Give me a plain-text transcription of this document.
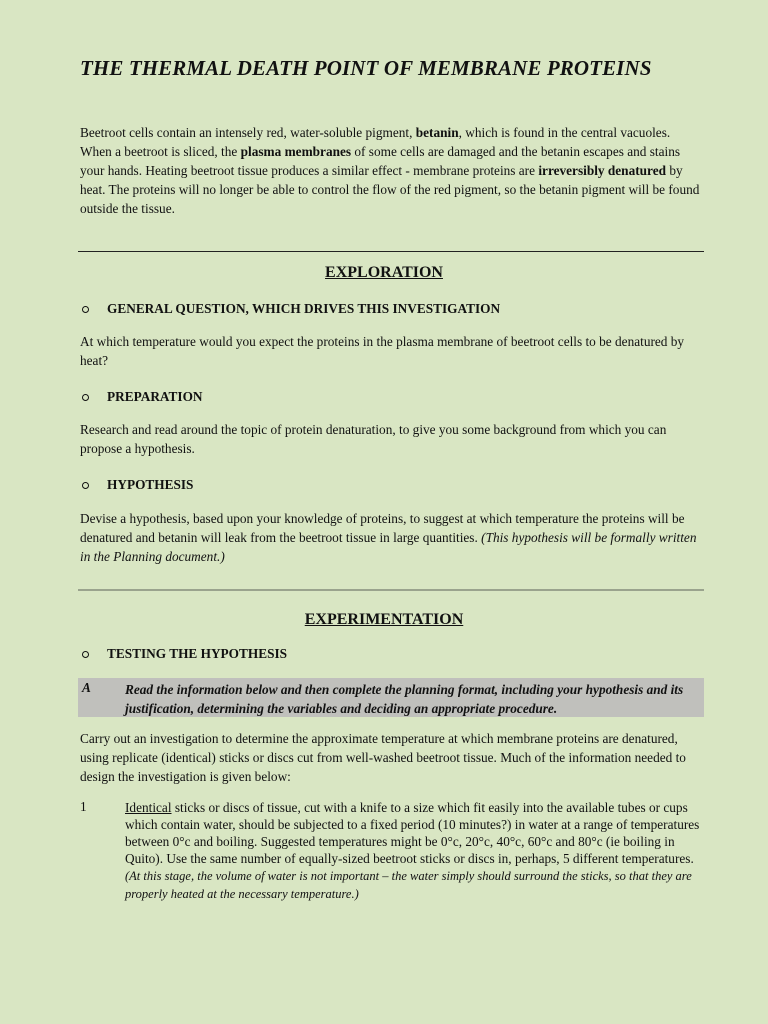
THE THERMAL DEATH POINT OF MEMBRANE PROTEINS

Beetroot cells contain an intensely red, water-soluble pigment, betanin, which is found in the central vacuoles. When a beetroot is sliced, the plasma membranes of some cells are damaged and the betanin escapes and stains your hands. Heating beetroot tissue produces a similar effect - membrane proteins are irreversibly denatured by heat. The proteins will no longer be able to control the flow of the red pigment, so the betanin pigment will be found outside the tissue.

EXPLORATION
GENERAL QUESTION, WHICH DRIVES THIS INVESTIGATION

At which temperature would you expect the proteins in the plasma membrane of beetroot cells to be denatured by heat?

PREPARATION

Research and read around the topic of protein denaturation, to give you some background from which you can propose a hypothesis.

HYPOTHESIS

Devise a hypothesis, based upon your knowledge of proteins, to suggest at which temperature the proteins will be denatured and betanin will leak from the beetroot tissue in large quantities. (This hypothesis will be formally written in the Planning document.)

EXPERIMENTATION
TESTING THE HYPOTHESIS
A	Read the information below and then complete the planning format, including your hypothesis and its justification, determining the variables and deciding an appropriate procedure.

Carry out an investigation to determine the approximate temperature at which membrane proteins are denatured, using replicate (identical) sticks or discs cut from well-washed beetroot tissue. Much of the information needed to design the investigation is given below:

1	Identical sticks or discs of tissue, cut with a knife to a size which fit easily into the available tubes or cups which contain water, should be subjected to a fixed period (10 minutes?) in water at a range of temperatures between 0°c and boiling. Suggested temperatures might be 0°c, 20°c, 40°c, 60°c and 80°c (ie boiling in Quito). Use the same number of equally-sized beetroot sticks or discs in, perhaps, 5 different temperatures. (At this stage, the volume of water is not important – the water simply should surround the sticks, so that they are properly heated at the necessary temperature.)
